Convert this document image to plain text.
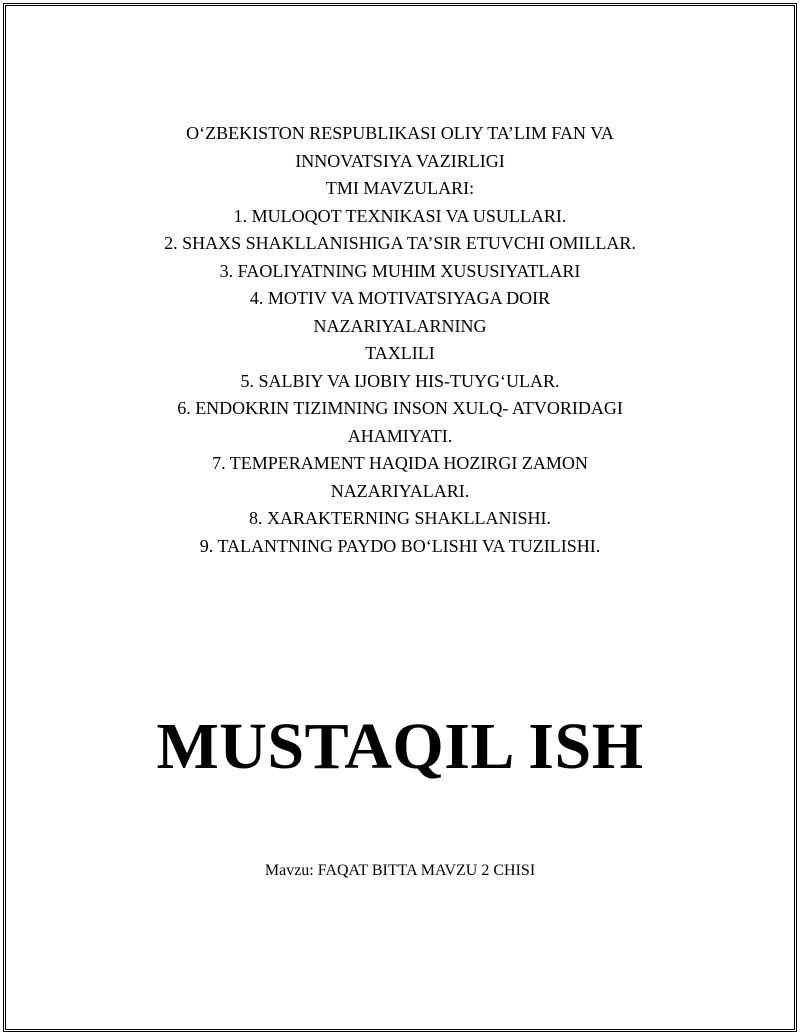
O‘ZBEKISTON RESPUBLIKASI OLIY TA’LIM FAN VA
INNOVATSIYA VAZIRLIGI
TMI MAVZULARI:
1. MULOQOT TEXNIKASI VA USULLARI.
2. SHAXS SHAKLLANISHIGA TA’SIR ETUVCHI OMILLAR.
3. FAOLIYATNING MUHIM XUSUSIYATLARI
4. MOTIV VA MOTIVATSIYAGA DOIR
NAZARIYALARNING
TAXLILI
5. SALBIY VA IJOBIY HIS-TUYG‘ULAR.
6. ENDOKRIN TIZIMNING INSON XULQ- ATVORIDAGI
AHAMIYATI.
7. TEMPERAMENT HAQIDA HOZIRGI ZAMON
NAZARIYALARI.
8. XARAKTERNING SHAKLLANISHI.
9. TALANTNING PAYDO BO‘LISHI VA TUZILISHI.
MUSTAQIL ISH
Mavzu: FAQAT BITTA MAVZU 2 CHISI
